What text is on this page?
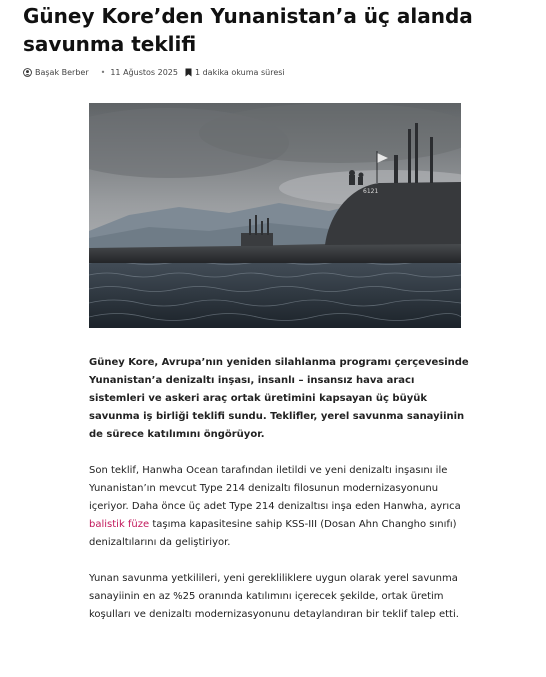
Güney Kore’den Yunanistan’a üç alanda savunma teklifi
Başak Berber • 11 Ağustos 2025 1 dakika okuma süresi
6121

Güney Kore, Avrupa’nın yeniden silahlanma programı çerçevesinde Yunanistan’a denizaltı inşası, insanlı – insansız hava aracı sistemleri ve askeri araç ortak üretimini kapsayan üç büyük savunma iş birliği teklifi sundu. Teklifler, yerel savunma sanayiinin de sürece katılımını öngörüyor.

Son teklif, Hanwha Ocean tarafından iletildi ve yeni denizaltı inşasını ile Yunanistan’ın mevcut Type 214 denizaltı filosunun modernizasyonunu içeriyor. Daha önce üç adet Type 214 denizaltısı inşa eden Hanwha, ayrıca balistik füze taşıma kapasitesine sahip KSS-III (Dosan Ahn Changho sınıfı) denizaltılarını da geliştiriyor.

Yunan savunma yetkilileri, yeni gerekliliklere uygun olarak yerel savunma sanayiinin en az %25 oranında katılımını içerecek şekilde, ortak üretim koşulları ve denizaltı modernizasyonunu detaylandıran bir teklif talep etti.
